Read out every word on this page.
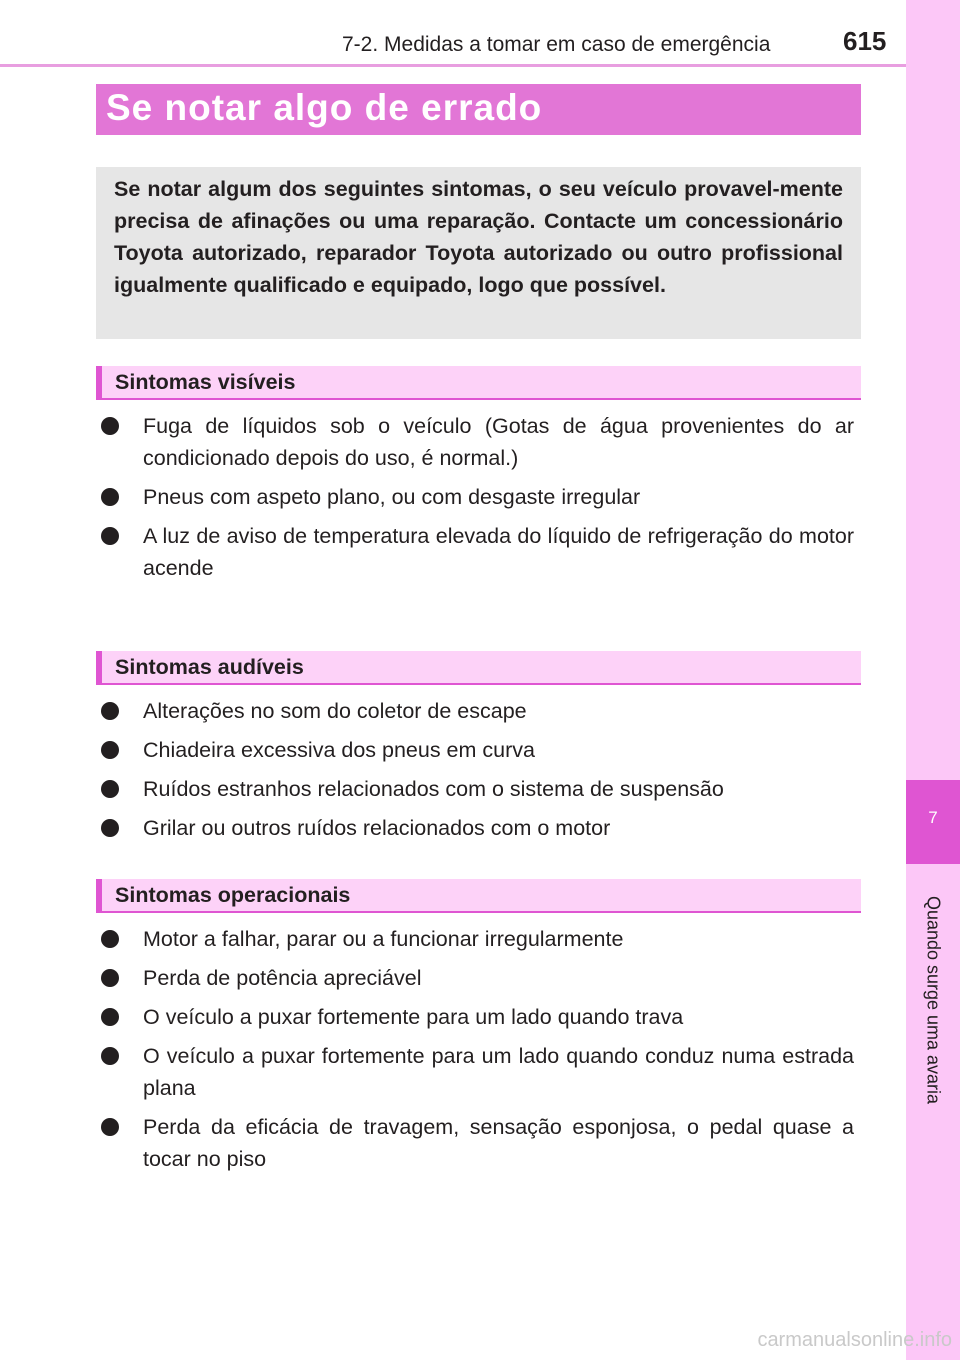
7-2. Medidas a tomar em caso de emergência	615
7
Quando surge uma avaria
Se notar algo de errado
Se notar algum dos seguintes sintomas, o seu veículo provavel-mente precisa de afinações ou uma reparação. Contacte um concessionário Toyota autorizado, reparador Toyota autorizado ou outro profissional igualmente qualificado e equipado, logo que possível.
Sintomas visíveis
Fuga de líquidos sob o veículo (Gotas de água provenientes do ar condicionado depois do uso, é normal.)
Pneus com aspeto plano, ou com desgaste irregular
A luz de aviso de temperatura elevada do líquido de refrigeração do motor acende
Sintomas audíveis
Alterações no som do coletor de escape
Chiadeira excessiva dos pneus em curva
Ruídos estranhos relacionados com o sistema de suspensão
Grilar ou outros ruídos relacionados com o motor
Sintomas operacionais
Motor a falhar, parar ou a funcionar irregularmente
Perda de potência apreciável
O veículo a puxar fortemente para um lado quando trava
O veículo a puxar fortemente para um lado quando conduz numa estrada plana
Perda da eficácia de travagem, sensação esponjosa, o pedal quase a tocar no piso
carmanualsonline.info
